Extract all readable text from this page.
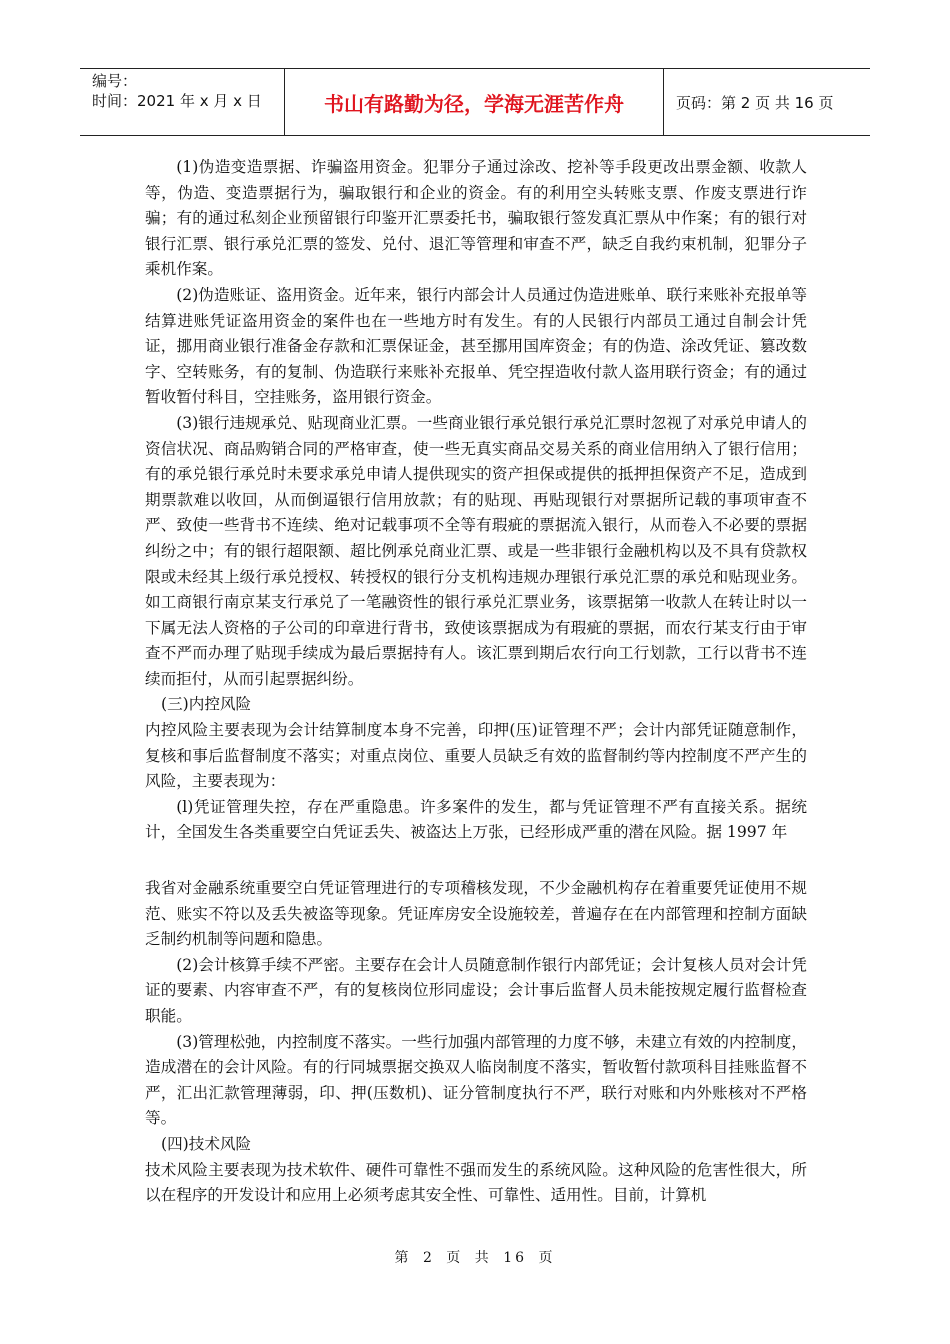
编号：
时间：2021 年 x 月 x 日	书山有路勤为径，学海无涯苦作舟	页码：第 2 页 共 16 页

(1)伪造变造票据、诈骗盗用资金。犯罪分子通过涂改、挖补等手段更改出票金额、收款人等，伪造、变造票据行为，骗取银行和企业的资金。有的利用空头转账支票、作废支票进行诈骗；有的通过私刻企业预留银行印鉴开汇票委托书，骗取银行签发真汇票从中作案；有的银行对银行汇票、银行承兑汇票的签发、兑付、退汇等管理和审查不严，缺乏自我约束机制，犯罪分子乘机作案。

(2)伪造账证、盗用资金。近年来，银行内部会计人员通过伪造进账单、联行来账补充报单等结算进账凭证盗用资金的案件也在一些地方时有发生。有的人民银行内部员工通过自制会计凭证，挪用商业银行准备金存款和汇票保证金，甚至挪用国库资金；有的伪造、涂改凭证、篡改数字、空转账务，有的复制、伪造联行来账补充报单、凭空捏造收付款人盗用联行资金；有的通过暂收暂付科目，空挂账务，盗用银行资金。

(3)银行违规承兑、贴现商业汇票。一些商业银行承兑银行承兑汇票时忽视了对承兑申请人的资信状况、商品购销合同的严格审查，使一些无真实商品交易关系的商业信用纳入了银行信用；有的承兑银行承兑时未要求承兑申请人提供现实的资产担保或提供的抵押担保资产不足，造成到期票款难以收回，从而倒逼银行信用放款；有的贴现、再贴现银行对票据所记载的事项审查不严、致使一些背书不连续、绝对记载事项不全等有瑕疵的票据流入银行，从而卷入不必要的票据纠纷之中；有的银行超限额、超比例承兑商业汇票、或是一些非银行金融机构以及不具有贷款权限或未经其上级行承兑授权、转授权的银行分支机构违规办理银行承兑汇票的承兑和贴现业务。如工商银行南京某支行承兑了一笔融资性的银行承兑汇票业务，该票据第一收款人在转让时以一下属无法人资格的子公司的印章进行背书，致使该票据成为有瑕疵的票据，而农行某支行由于审查不严而办理了贴现手续成为最后票据持有人。该汇票到期后农行向工行划款，工行以背书不连续而拒付，从而引起票据纠纷。

(三)内控风险

内控风险主要表现为会计结算制度本身不完善，印押(压)证管理不严；会计内部凭证随意制作，复核和事后监督制度不落实；对重点岗位、重要人员缺乏有效的监督制约等内控制度不严产生的风险，主要表现为：

(l)凭证管理失控，存在严重隐患。许多案件的发生，都与凭证管理不严有直接关系。据统计，全国发生各类重要空白凭证丢失、被盗达上万张，已经形成严重的潜在风险。据 1997 年

我省对金融系统重要空白凭证管理进行的专项稽核发现，不少金融机构存在着重要凭证使用不规范、账实不符以及丢失被盗等现象。凭证库房安全设施较差，普遍存在在内部管理和控制方面缺乏制约机制等问题和隐患。

(2)会计核算手续不严密。主要存在会计人员随意制作银行内部凭证；会计复核人员对会计凭证的要素、内容审查不严，有的复核岗位形同虚设；会计事后监督人员未能按规定履行监督检查职能。

(3)管理松弛，内控制度不落实。一些行加强内部管理的力度不够，未建立有效的内控制度，造成潜在的会计风险。有的行同城票据交换双人临岗制度不落实，暂收暂付款项科目挂账监督不严，汇出汇款管理薄弱，印、押(压数机)、证分管制度执行不严，联行对账和内外账核对不严格等。

(四)技术风险

技术风险主要表现为技术软件、硬件可靠性不强而发生的系统风险。这种风险的危害性很大，所以在程序的开发设计和应用上必须考虑其安全性、可靠性、适用性。目前，计算机

第 2 页 共 16 页
